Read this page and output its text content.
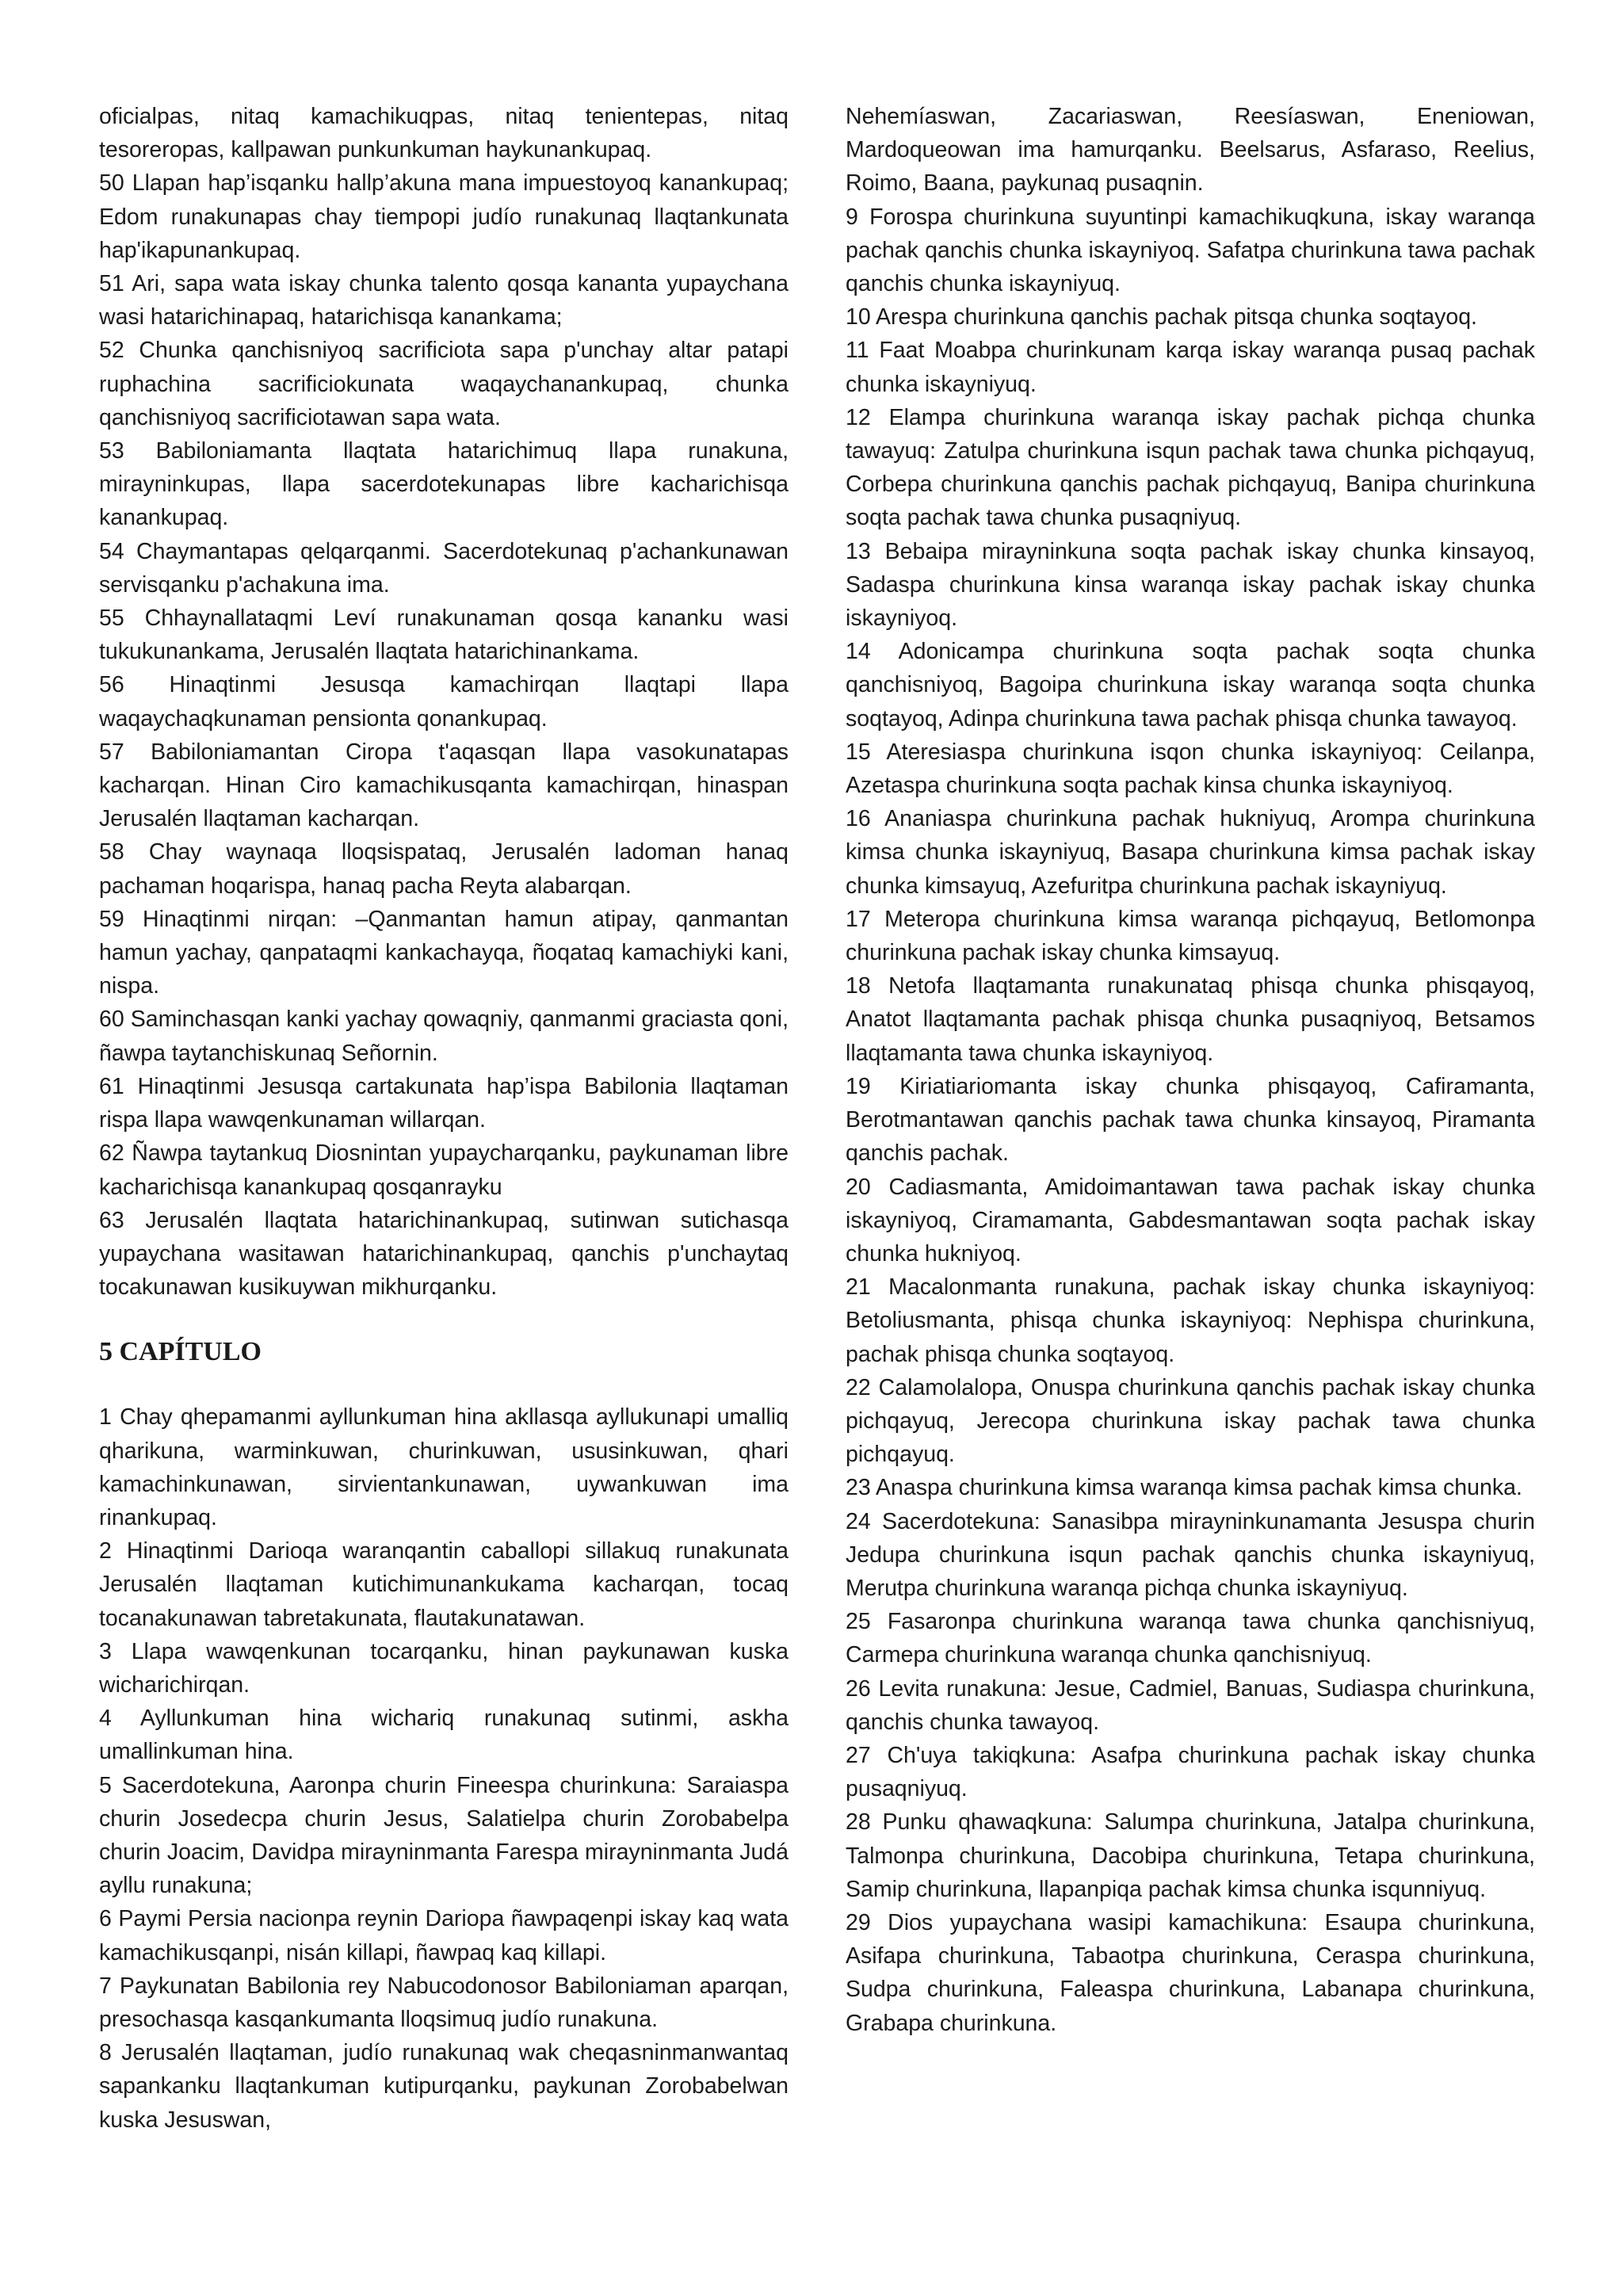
oficialpas, nitaq kamachikuqpas, nitaq tenientepas, nitaq tesoreropas, kallpawan punkunkuman haykunankupaq.

50 Llapan hap’isqanku hallp’akuna mana impuestoyoq kanankupaq; Edom runakunapas chay tiempopi judío runakunaq llaqtankunata hap'ikapunankupaq.

51 Ari, sapa wata iskay chunka talento qosqa kananta yupaychana wasi hatarichinapaq, hatarichisqa kanankama;

52 Chunka qanchisniyoq sacrificiota sapa p'unchay altar patapi ruphachina sacrificiokunata waqaychanankupaq, chunka qanchisniyoq sacrificiotawan sapa wata.

53 Babiloniamanta llaqtata hatarichimuq llapa runakuna, mirayninkupas, llapa sacerdotekunapas libre kacharichisqa kanankupaq.

54 Chaymantapas qelqarqanmi. Sacerdotekunaq p'achankunawan servisqanku p'achakuna ima.

55 Chhaynallataqmi Leví runakunaman qosqa kananku wasi tukukunankama, Jerusalén llaqtata hatarichinankama.

56 Hinaqtinmi Jesusqa kamachirqan llaqtapi llapa waqaychaqkunaman pensionta qonankupaq.

57 Babiloniamantan Ciropa t'aqasqan llapa vasokunatapas kacharqan. Hinan Ciro kamachikusqanta kamachirqan, hinaspan Jerusalén llaqtaman kacharqan.

58 Chay waynaqa lloqsispataq, Jerusalén ladoman hanaq pachaman hoqarispa, hanaq pacha Reyta alabarqan.

59 Hinaqtinmi nirqan: –Qanmantan hamun atipay, qanmantan hamun yachay, qanpataqmi kankachayqa, ñoqataq kamachiyki kani, nispa.

60 Saminchasqan kanki yachay qowaqniy, qanmanmi graciasta qoni, ñawpa taytanchiskunaq Señornin.

61 Hinaqtinmi Jesusqa cartakunata hap’ispa Babilonia llaqtaman rispa llapa wawqenkunaman willarqan.

62 Ñawpa taytankuq Diosnintan yupaycharqanku, paykunaman libre kacharichisqa kanankupaq qosqanrayku

63 Jerusalén llaqtata hatarichinankupaq, sutinwan sutichasqa yupaychana wasitawan hatarichinankupaq, qanchis p'unchaytaq tocakunawan kusikuywan mikhurqanku.

5 CAPÍTULO

1 Chay qhepamanmi ayllunkuman hina akllasqa ayllukunapi umalliq qharikuna, warminkuwan, churinkuwan, ususinkuwan, qhari kamachinkunawan, sirvientankunawan, uywankuwan ima rinankupaq.

2 Hinaqtinmi Darioqa waranqantin caballopi sillakuq runakunata Jerusalén llaqtaman kutichimunankukama kacharqan, tocaq tocanakunawan tabretakunata, flautakunatawan.

3 Llapa wawqenkunan tocarqanku, hinan paykunawan kuska wicharichirqan.

4 Ayllunkuman hina wichariq runakunaq sutinmi, askha umallinkuman hina.

5 Sacerdotekuna, Aaronpa churin Fineespa churinkuna: Saraiaspa churin Josedecpa churin Jesus, Salatielpa churin Zorobabelpa churin Joacim, Davidpa mirayninmanta Farespa mirayninmanta Judá ayllu runakuna;

6 Paymi Persia nacionpa reynin Dariopa ñawpaqenpi iskay kaq wata kamachikusqanpi, nisán killapi, ñawpaq kaq killapi.

7 Paykunatan Babilonia rey Nabucodonosor Babiloniaman aparqan, presochasqa kasqankumanta lloqsimuq judío runakuna.

8 Jerusalén llaqtaman, judío runakunaq wak cheqasninmanwantaq sapankanku llaqtankuman kutipurqanku, paykunan Zorobabelwan kuska Jesuswan,

Nehemíaswan, Zacariaswan, Reesíaswan, Eneniowan, Mardoqueowan ima hamurqanku. Beelsarus, Asfaraso, Reelius, Roimo, Baana, paykunaq pusaqnin.

9 Forospa churinkuna suyuntinpi kamachikuqkuna, iskay waranqa pachak qanchis chunka iskayniyoq. Safatpa churinkuna tawa pachak qanchis chunka iskayniyuq.

10 Arespa churinkuna qanchis pachak pitsqa chunka soqtayoq.

11 Faat Moabpa churinkunam karqa iskay waranqa pusaq pachak chunka iskayniyuq.

12 Elampa churinkuna waranqa iskay pachak pichqa chunka tawayuq: Zatulpa churinkuna isqun pachak tawa chunka pichqayuq, Corbepa churinkuna qanchis pachak pichqayuq, Banipa churinkuna soqta pachak tawa chunka pusaqniyuq.

13 Bebaipa mirayninkuna soqta pachak iskay chunka kinsayoq, Sadaspa churinkuna kinsa waranqa iskay pachak iskay chunka iskayniyoq.

14 Adonicampa churinkuna soqta pachak soqta chunka qanchisniyoq, Bagoipa churinkuna iskay waranqa soqta chunka soqtayoq, Adinpa churinkuna tawa pachak phisqa chunka tawayoq.

15 Ateresiaspa churinkuna isqon chunka iskayniyoq: Ceilanpa, Azetaspa churinkuna soqta pachak kinsa chunka iskayniyoq.

16 Ananiaspa churinkuna pachak hukniyuq, Arompa churinkuna kimsa chunka iskayniyuq, Basapa churinkuna kimsa pachak iskay chunka kimsayuq, Azefuritpa churinkuna pachak iskayniyuq.

17 Meteropa churinkuna kimsa waranqa pichqayuq, Betlomonpa churinkuna pachak iskay chunka kimsayuq.

18 Netofa llaqtamanta runakunataq phisqa chunka phisqayoq, Anatot llaqtamanta pachak phisqa chunka pusaqniyoq, Betsamos llaqtamanta tawa chunka iskayniyoq.

19 Kiriatiariomanta iskay chunka phisqayoq, Cafiramanta, Berotmantawan qanchis pachak tawa chunka kinsayoq, Piramanta qanchis pachak.

20 Cadiasmanta, Amidoimantawan tawa pachak iskay chunka iskayniyoq, Ciramamanta, Gabdesmantawan soqta pachak iskay chunka hukniyoq.

21 Macalonmanta runakuna, pachak iskay chunka iskayniyoq: Betoliusmanta, phisqa chunka iskayniyoq: Nephispa churinkuna, pachak phisqa chunka soqtayoq.

22 Calamolalopa, Onuspa churinkuna qanchis pachak iskay chunka pichqayuq, Jerecopa churinkuna iskay pachak tawa chunka pichqayuq.

23 Anaspa churinkuna kimsa waranqa kimsa pachak kimsa chunka.

24 Sacerdotekuna: Sanasibpa mirayninkunamanta Jesuspa churin Jedupa churinkuna isqun pachak qanchis chunka iskayniyuq, Merutpa churinkuna waranqa pichqa chunka iskayniyuq.

25 Fasaronpa churinkuna waranqa tawa chunka qanchisniyuq, Carmepa churinkuna waranqa chunka qanchisniyuq.

26 Levita runakuna: Jesue, Cadmiel, Banuas, Sudiaspa churinkuna, qanchis chunka tawayoq.

27 Ch'uya takiqkuna: Asafpa churinkuna pachak iskay chunka pusaqniyuq.

28 Punku qhawaqkuna: Salumpa churinkuna, Jatalpa churinkuna, Talmonpa churinkuna, Dacobipa churinkuna, Tetapa churinkuna, Samip churinkuna, llapanpiqa pachak kimsa chunka isqunniyuq.

29 Dios yupaychana wasipi kamachikuna: Esaupa churinkuna, Asifapa churinkuna, Tabaotpa churinkuna, Ceraspa churinkuna, Sudpa churinkuna, Faleaspa churinkuna, Labanapa churinkuna, Grabapa churinkuna.
